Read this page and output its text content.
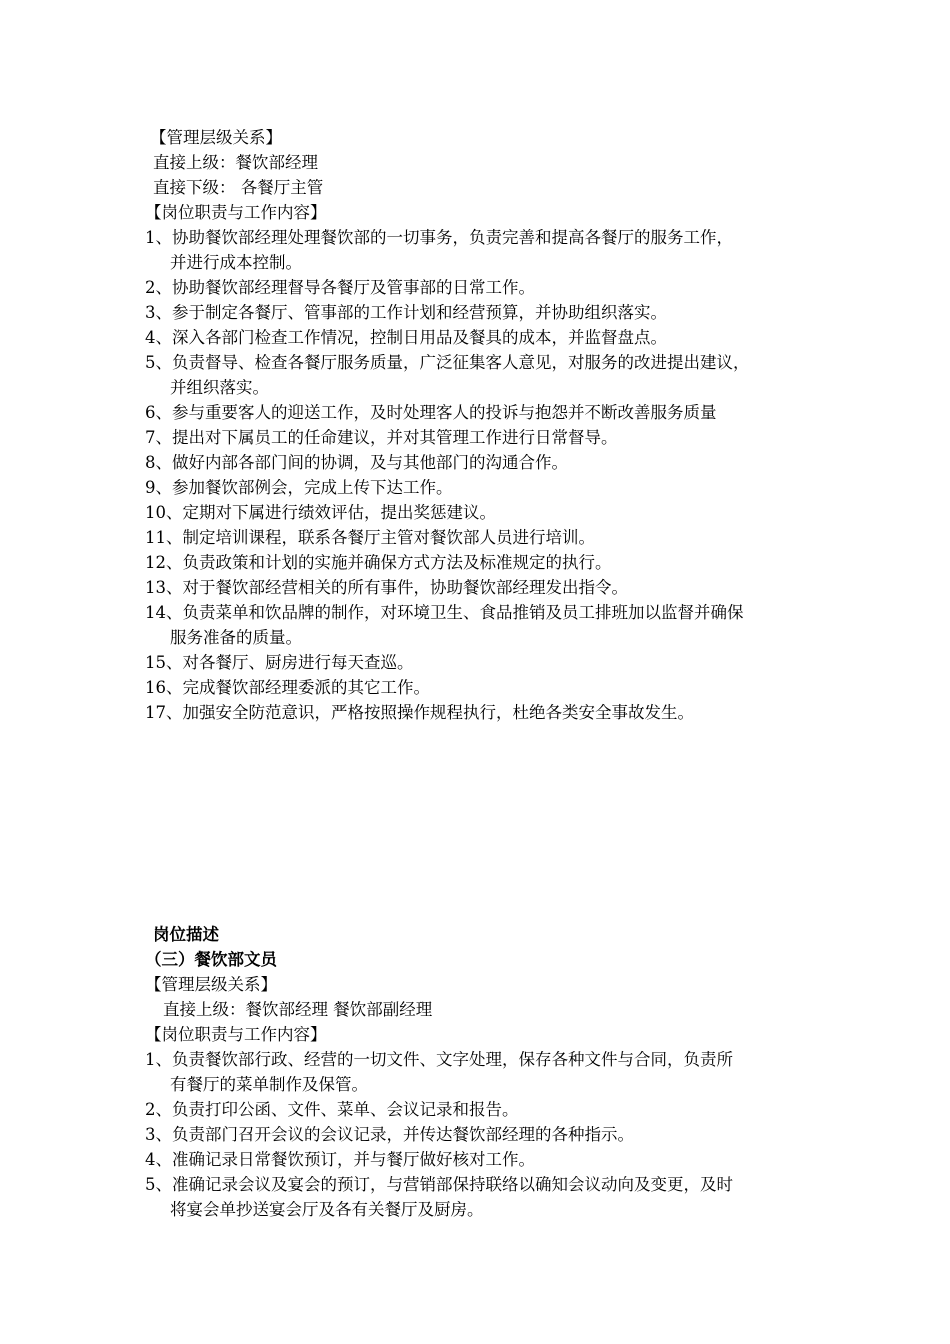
【管理层级关系】
直接上级：餐饮部经理
直接下级： 各餐厅主管
【岗位职责与工作内容】
1、协助餐饮部经理处理餐饮部的一切事务，负责完善和提高各餐厅的服务工作，
并进行成本控制。
2、协助餐饮部经理督导各餐厅及管事部的日常工作。
3、参于制定各餐厅、管事部的工作计划和经营预算，并协助组织落实。
4、深入各部门检查工作情况，控制日用品及餐具的成本，并监督盘点。
5、负责督导、检查各餐厅服务质量，广泛征集客人意见，对服务的改进提出建议，
并组织落实。
6、参与重要客人的迎送工作，及时处理客人的投诉与抱怨并不断改善服务质量
7、提出对下属员工的任命建议，并对其管理工作进行日常督导。
8、做好内部各部门间的协调，及与其他部门的沟通合作。
9、参加餐饮部例会，完成上传下达工作。
10、定期对下属进行绩效评估，提出奖惩建议。
11、制定培训课程，联系各餐厅主管对餐饮部人员进行培训。
12、负责政策和计划的实施并确保方式方法及标准规定的执行。
13、对于餐饮部经营相关的所有事件，协助餐饮部经理发出指令。
14、负责菜单和饮品牌的制作，对环境卫生、食品推销及员工排班加以监督并确保
服务准备的质量。
15、对各餐厅、厨房进行每天查巡。
16、完成餐饮部经理委派的其它工作。
17、加强安全防范意识，严格按照操作规程执行，杜绝各类安全事故发生。
岗位描述
（三）餐饮部文员
【管理层级关系】
直接上级：餐饮部经理 餐饮部副经理
【岗位职责与工作内容】
1、负责餐饮部行政、经营的一切文件、文字处理，保存各种文件与合同，负责所
有餐厅的菜单制作及保管。
2、负责打印公函、文件、菜单、会议记录和报告。
3、负责部门召开会议的会议记录，并传达餐饮部经理的各种指示。
4、准确记录日常餐饮预订，并与餐厅做好核对工作。
5、准确记录会议及宴会的预订，与营销部保持联络以确知会议动向及变更，及时
将宴会单抄送宴会厅及各有关餐厅及厨房。
